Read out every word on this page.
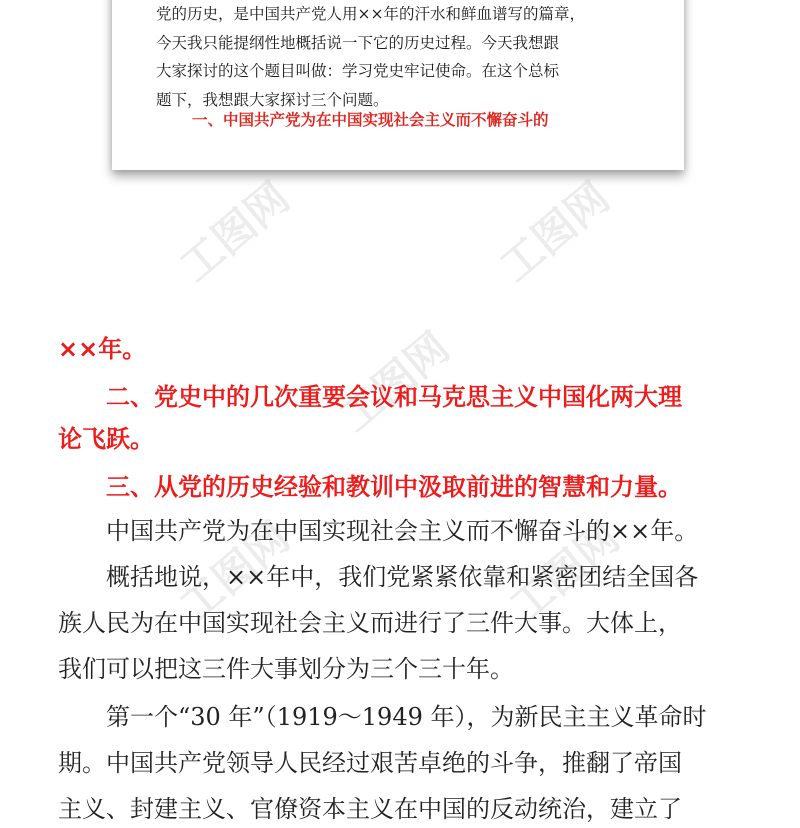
工图网	工图网
工图网
工图网	工图网
党的历史，是中国共产党人用××年的汗水和鲜血谱写的篇章，
今天我只能提纲性地概括说一下它的历史过程。今天我想跟
大家探讨的这个题目叫做：学习党史牢记使命。在这个总标
题下，我想跟大家探讨三个问题。
一、中国共产党为在中国实现社会主义而不懈奋斗的
××年。
二、党史中的几次重要会议和马克思主义中国化两大理
论飞跃。
三、从党的历史经验和教训中汲取前进的智慧和力量。
中国共产党为在中国实现社会主义而不懈奋斗的××年。
概括地说，××年中，我们党紧紧依靠和紧密团结全国各
族人民为在中国实现社会主义而进行了三件大事。大体上，
我们可以把这三件大事划分为三个三十年。
第一个“30 年”（1919～1949 年），为新民主主义革命时
期。中国共产党领导人民经过艰苦卓绝的斗争，推翻了帝国
主义、封建主义、官僚资本主义在中国的反动统治，建立了
